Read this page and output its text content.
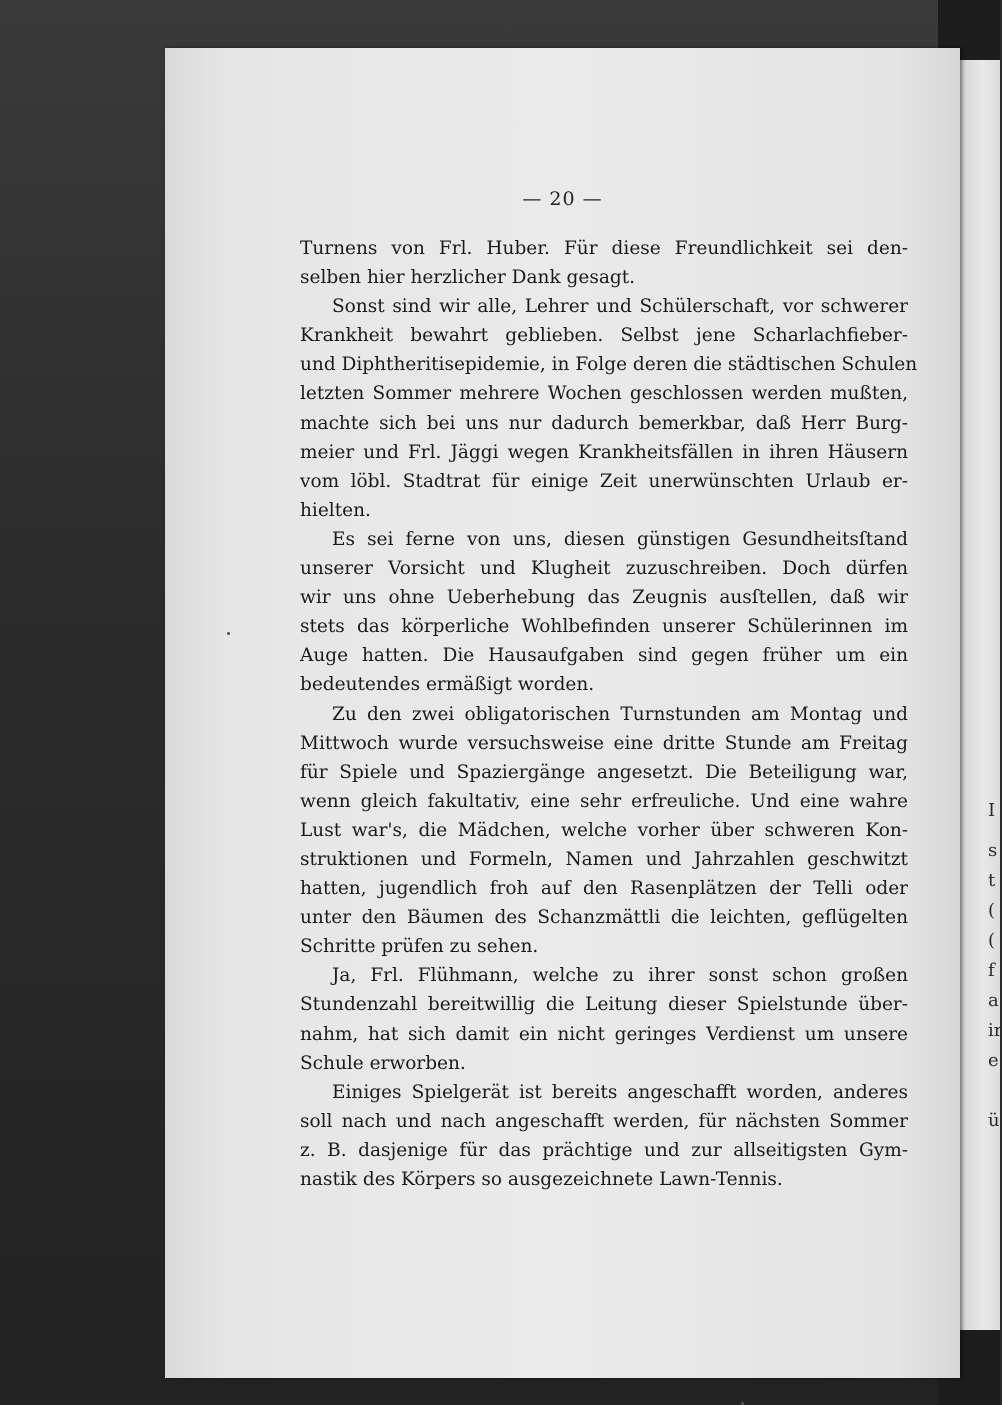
I
s
t
(
(
f
a
ir
e
ü
— 20 —
Turnens von Frl. Huber. Für diese Freundlichkeit sei den-
selben hier herzlicher Dank gesagt.
Sonst sind wir alle, Lehrer und Schülerschaft, vor schwerer
Krankheit bewahrt geblieben. Selbst jene Scharlachfieber-
und Diphtheritisepidemie, in Folge deren die städtischen Schulen
letzten Sommer mehrere Wochen geschlossen werden mußten,
machte sich bei uns nur dadurch bemerkbar, daß Herr Burg-
meier und Frl. Jäggi wegen Krankheitsfällen in ihren Häusern
vom löbl. Stadtrat für einige Zeit unerwünschten Urlaub er-
hielten.
Es sei ferne von uns, diesen günstigen Gesundheitsſtand
unserer Vorsicht und Klugheit zuzuschreiben. Doch dürfen
wir uns ohne Ueberhebung das Zeugnis ausſtellen, daß wir
stets das körperliche Wohlbefinden unserer Schülerinnen im
Auge hatten. Die Hausaufgaben sind gegen früher um ein
bedeutendes ermäßigt worden.
Zu den zwei obligatorischen Turnstunden am Montag und
Mittwoch wurde versuchsweise eine dritte Stunde am Freitag
für Spiele und Spaziergänge angesetzt. Die Beteiligung war,
wenn gleich fakultativ, eine sehr erfreuliche. Und eine wahre
Lust war's, die Mädchen, welche vorher über schweren Kon-
struktionen und Formeln, Namen und Jahrzahlen geschwitzt
hatten, jugendlich froh auf den Rasenplätzen der Telli oder
unter den Bäumen des Schanzmättli die leichten, geflügelten
Schritte prüfen zu sehen.
Ja, Frl. Flühmann, welche zu ihrer sonst schon großen
Stundenzahl bereitwillig die Leitung dieser Spielstunde über-
nahm, hat sich damit ein nicht geringes Verdienst um unsere
Schule erworben.
Einiges Spielgerät ist bereits angeschafft worden, anderes
soll nach und nach angeschafft werden, für nächsten Sommer
z. B. dasjenige für das prächtige und zur allseitigsten Gym-
nastik des Körpers so ausgezeichnete Lawn-Tennis.
